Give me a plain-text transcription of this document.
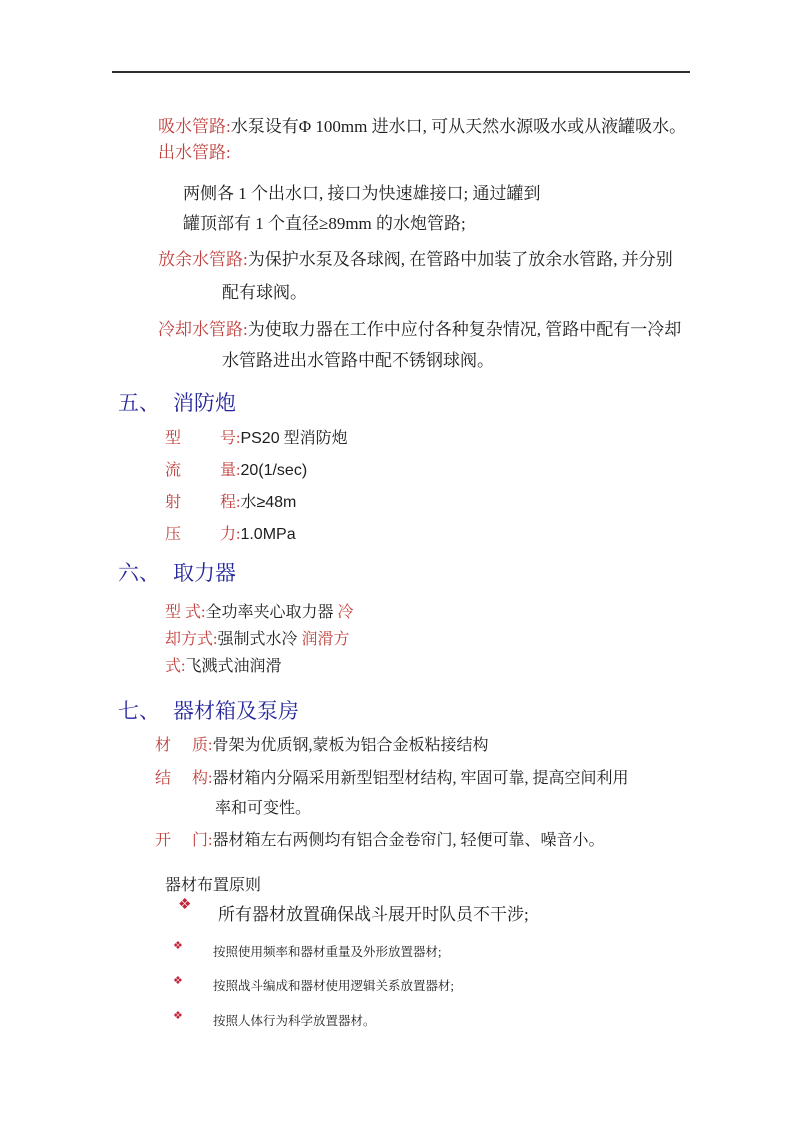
吸水管路:水泵设有Φ 100mm 进水口, 可从天然水源吸水或从液罐吸水。
出水管路:
两侧各 1 个出水口, 接口为快速雄接口; 通过罐到
罐顶部有 1 个直径≥89mm 的水炮管路;
放余水管路:为保护水泵及各球阀, 在管路中加装了放余水管路, 并分别
配有球阀。
冷却水管路:为使取力器在工作中应付各种复杂情况, 管路中配有一冷却
水管路进出水管路中配不锈钢球阀。
五、 消防炮
型 号 :PS20 型消防炮
流 量 :20(1/sec)
射 程 :水≥48m
压 力 :1.0MPa
六、 取力器
型 式:全功率夹心取力器 冷
却方式:强制式水冷 润滑方
式:飞溅式油润滑
七、 器材箱及泵房
材 质 :骨架为优质钢,蒙板为铝合金板粘接结构
结 构 :器材箱内分隔采用新型铝型材结构, 牢固可靠, 提高空间利用
率和可变性。
开 门 :器材箱左右两侧均有铝合金卷帘门, 轻便可靠、噪音小。
器材布置原则
❖ 所有器材放置确保战斗展开时队员不干涉;
❖ 按照使用频率和器材重量及外形放置器材;
❖ 按照战斗编成和器材使用逻辑关系放置器材;
❖ 按照人体行为科学放置器材。
